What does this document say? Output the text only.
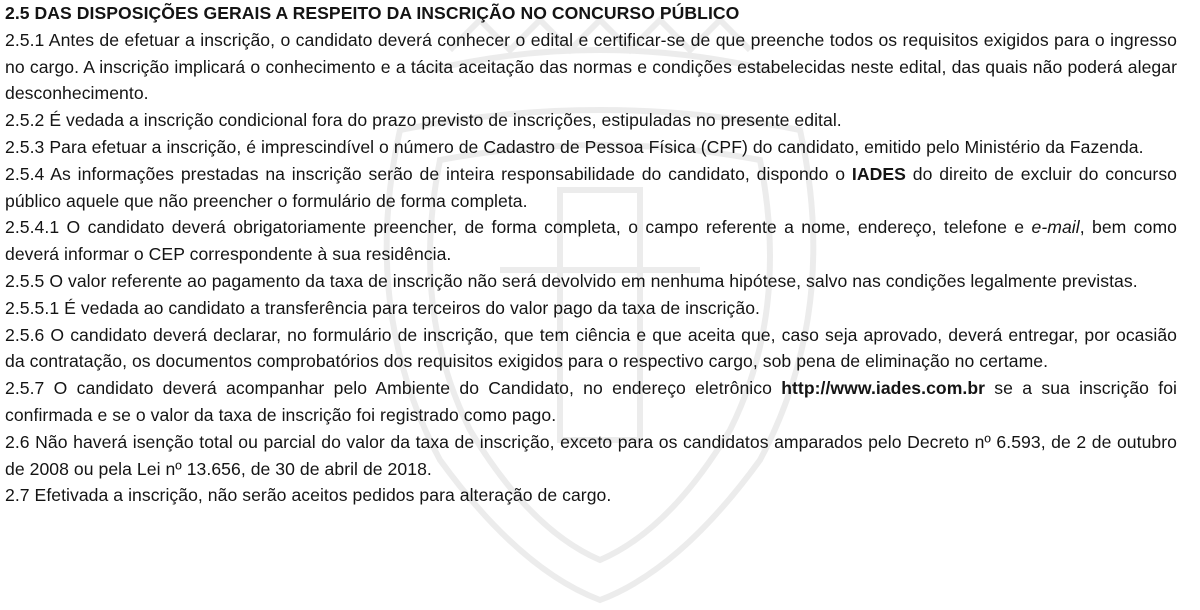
2.5 DAS DISPOSIÇÕES GERAIS A RESPEITO DA INSCRIÇÃO NO CONCURSO PÚBLICO

2.5.1 Antes de efetuar a inscrição, o candidato deverá conhecer o edital e certificar-se de que preenche todos os requisitos exigidos para o ingresso no cargo. A inscrição implicará o conhecimento e a tácita aceitação das normas e condições estabelecidas neste edital, das quais não poderá alegar desconhecimento.

2.5.2 É vedada a inscrição condicional fora do prazo previsto de inscrições, estipuladas no presente edital.

2.5.3 Para efetuar a inscrição, é imprescindível o número de Cadastro de Pessoa Física (CPF) do candidato, emitido pelo Ministério da Fazenda.

2.5.4 As informações prestadas na inscrição serão de inteira responsabilidade do candidato, dispondo o IADES do direito de excluir do concurso público aquele que não preencher o formulário de forma completa.

2.5.4.1 O candidato deverá obrigatoriamente preencher, de forma completa, o campo referente a nome, endereço, telefone e e-mail, bem como deverá informar o CEP correspondente à sua residência.

2.5.5 O valor referente ao pagamento da taxa de inscrição não será devolvido em nenhuma hipótese, salvo nas condições legalmente previstas.

2.5.5.1 É vedada ao candidato a transferência para terceiros do valor pago da taxa de inscrição.

2.5.6 O candidato deverá declarar, no formulário de inscrição, que tem ciência e que aceita que, caso seja aprovado, deverá entregar, por ocasião da contratação, os documentos comprobatórios dos requisitos exigidos para o respectivo cargo, sob pena de eliminação no certame.

2.5.7 O candidato deverá acompanhar pelo Ambiente do Candidato, no endereço eletrônico http://www.iades.com.br se a sua inscrição foi confirmada e se o valor da taxa de inscrição foi registrado como pago.

2.6 Não haverá isenção total ou parcial do valor da taxa de inscrição, exceto para os candidatos amparados pelo Decreto nº 6.593, de 2 de outubro de 2008 ou pela Lei nº 13.656, de 30 de abril de 2018.

2.7 Efetivada a inscrição, não serão aceitos pedidos para alteração de cargo.
